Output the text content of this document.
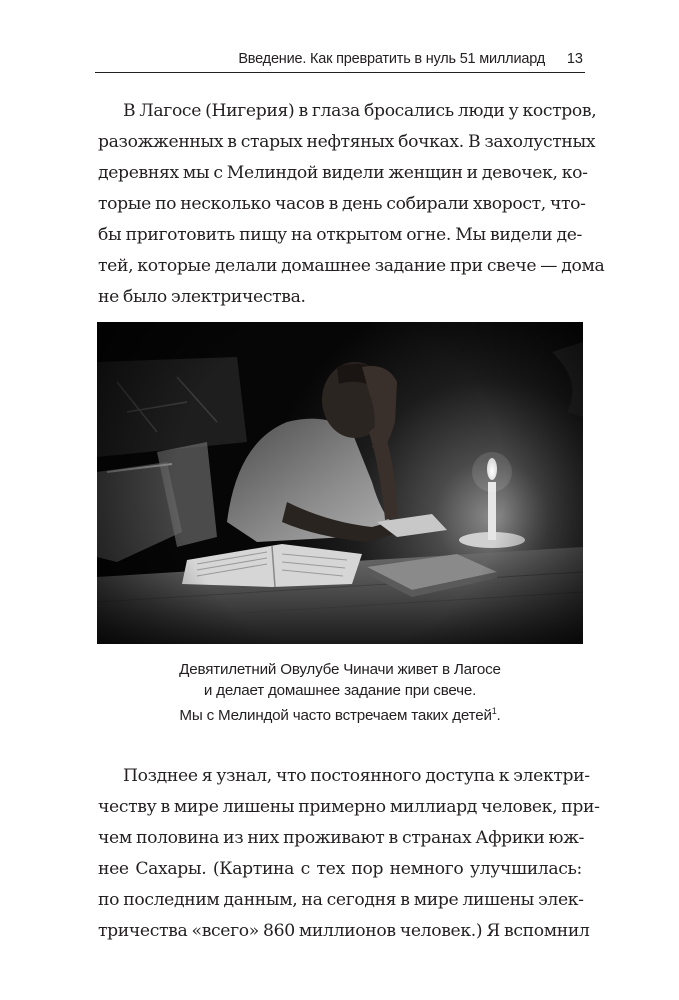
Введение. Как превратить в нуль 51 миллиард 13
В Лагосе (Нигерия) в глаза бросались люди у костров,
разожженных в старых нефтяных бочках. В захолустных
деревнях мы с Мелиндой видели женщин и девочек, ко-
торые по несколько часов в день собирали хворост, что-
бы приготовить пищу на открытом огне. Мы видели де-
тей, которые делали домашнее задание при свече — дома
не было электричества.
Девятилетний Овулубе Чиначи живет в Лагосе
и делает домашнее задание при свече.
Мы с Мелиндой часто встречаем таких детей$^1$.
Позднее я узнал, что постоянного доступа к электри-
честву в мире лишены примерно миллиард человек, при-
чем половина из них проживают в странах Африки юж-
нее Сахары. (Картина с тех пор немного улучшилась:
по последним данным, на сегодня в мире лишены элек-
тричества «всего» 860 миллионов человек.) Я вспомнил
